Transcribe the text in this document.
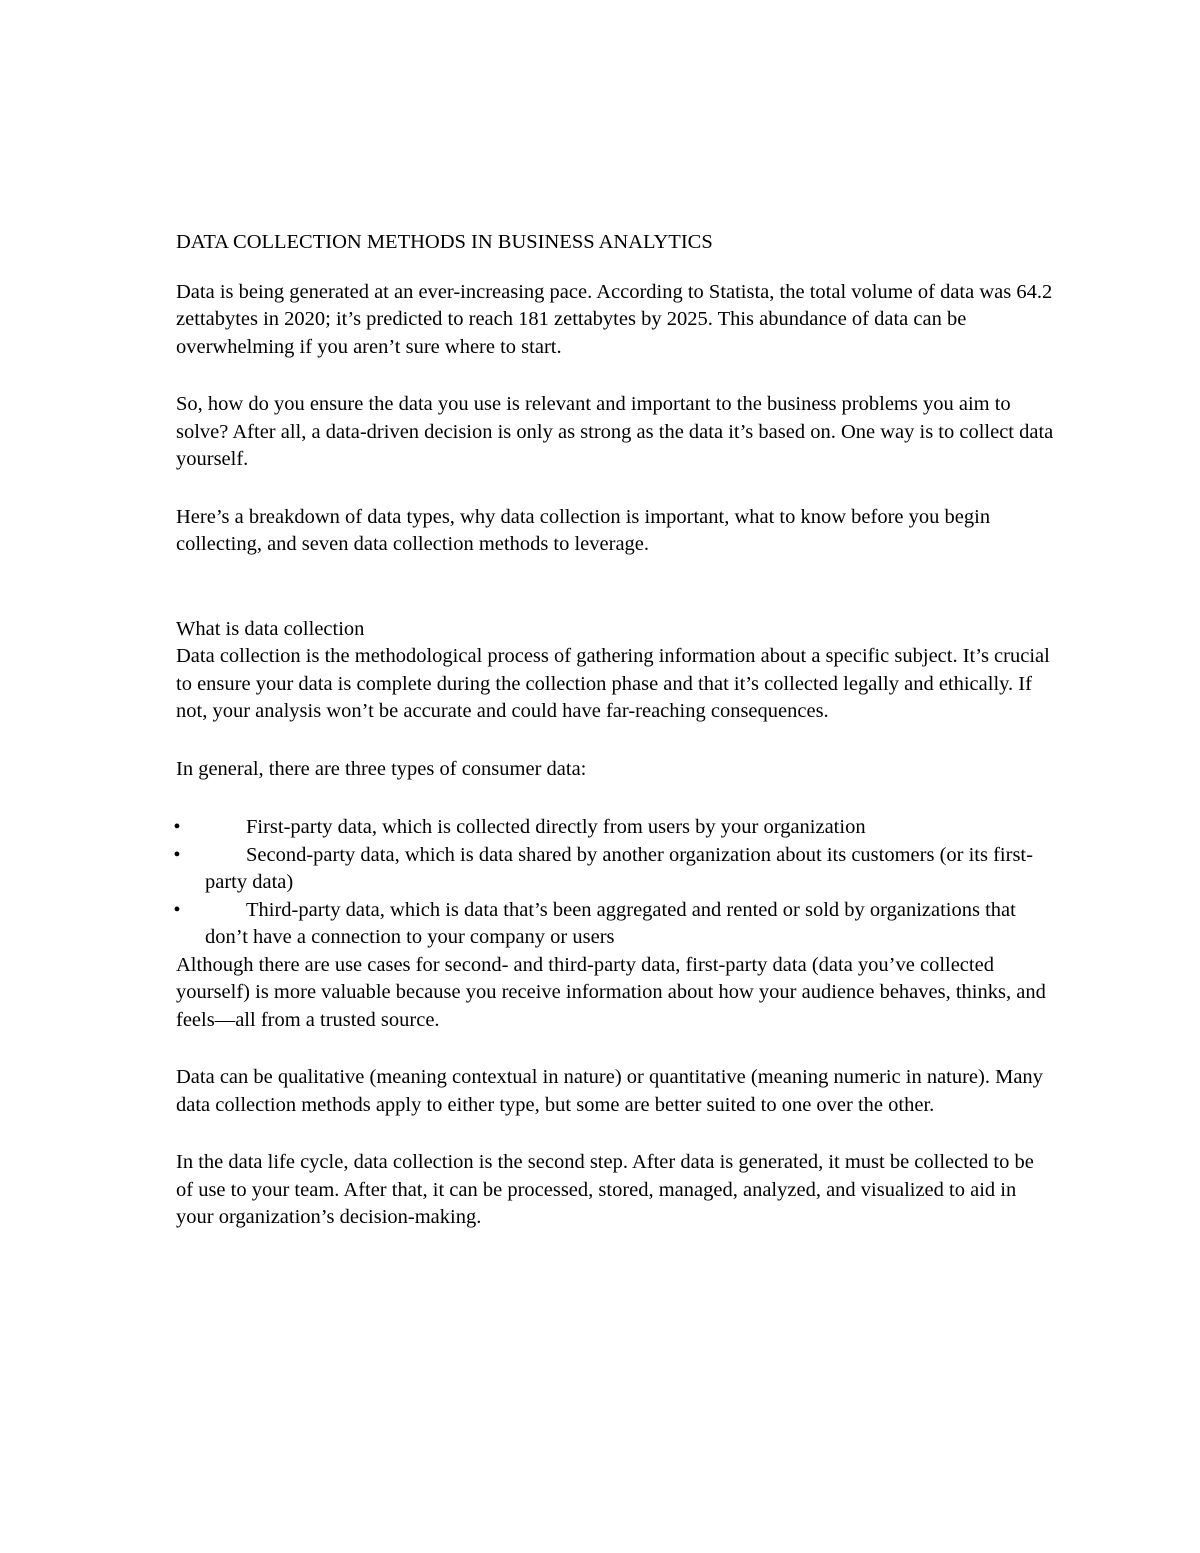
DATA COLLECTION METHODS IN BUSINESS ANALYTICS

Data is being generated at an ever-increasing pace. According to Statista, the total volume of data was 64.2 zettabytes in 2020; it’s predicted to reach 181 zettabytes by 2025. This abundance of data can be overwhelming if you aren’t sure where to start.

So, how do you ensure the data you use is relevant and important to the business problems you aim to solve? After all, a data-driven decision is only as strong as the data it’s based on. One way is to collect data yourself.

Here’s a breakdown of data types, why data collection is important, what to know before you begin collecting, and seven data collection methods to leverage.

What is data collection

Data collection is the methodological process of gathering information about a specific subject. It’s crucial to ensure your data is complete during the collection phase and that it’s collected legally and ethically. If not, your analysis won’t be accurate and could have far-reaching consequences.

In general, there are three types of consumer data:

•	First-party data, which is collected directly from users by your organization
•	Second-party data, which is data shared by another organization about its customers (or its first-party data)
•	Third-party data, which is data that’s been aggregated and rented or sold by organizations that don’t have a connection to your company or users

Although there are use cases for second- and third-party data, first-party data (data you’ve collected yourself) is more valuable because you receive information about how your audience behaves, thinks, and feels—all from a trusted source.

Data can be qualitative (meaning contextual in nature) or quantitative (meaning numeric in nature). Many data collection methods apply to either type, but some are better suited to one over the other.

In the data life cycle, data collection is the second step. After data is generated, it must be collected to be of use to your team. After that, it can be processed, stored, managed, analyzed, and visualized to aid in your organization’s decision-making.
